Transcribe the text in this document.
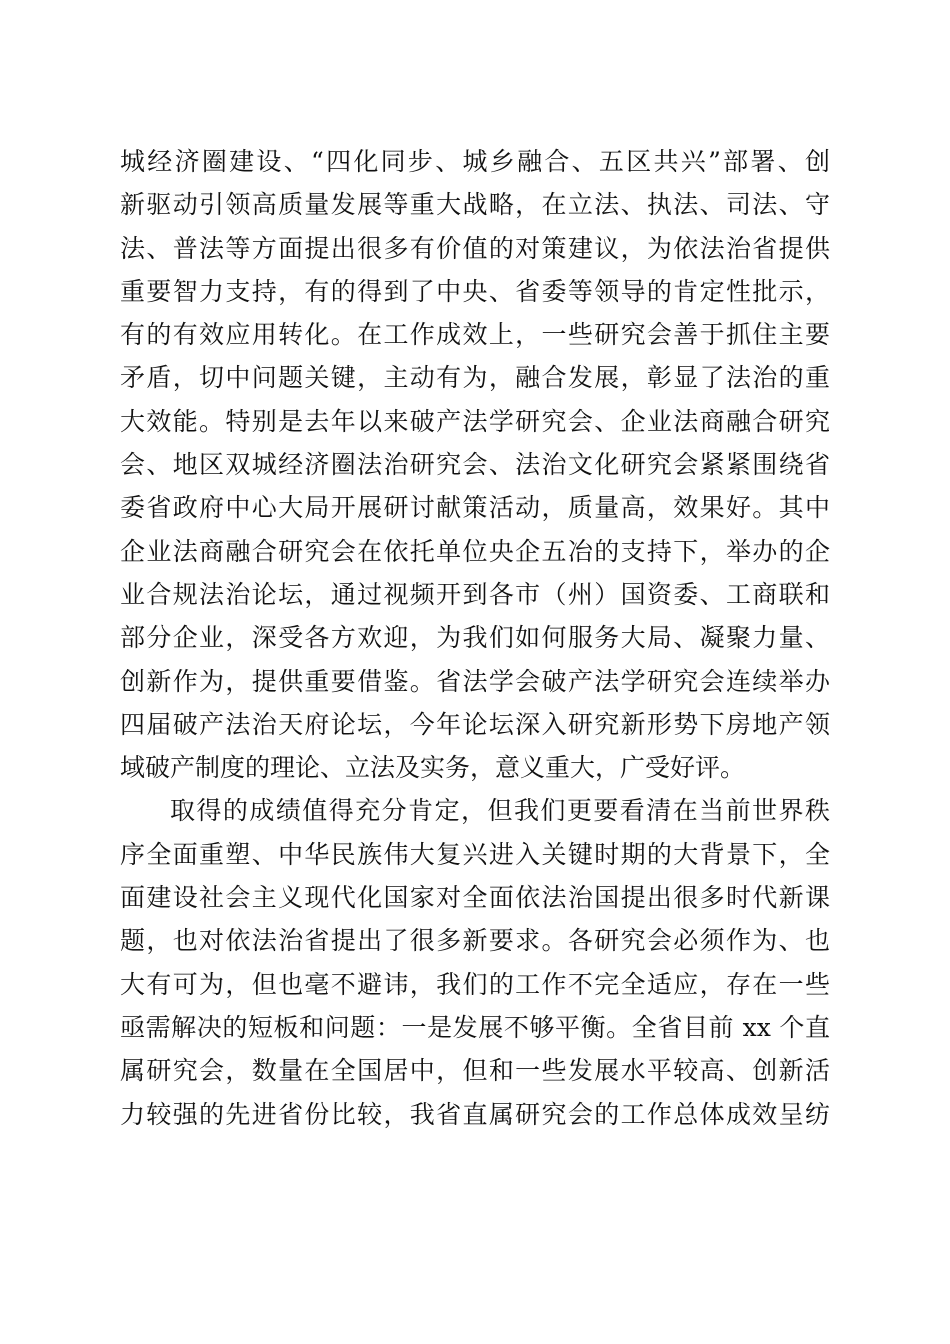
城经济圈建设、“四化同步、城乡融合、五区共兴”部署、创
新驱动引领高质量发展等重大战略，在立法、执法、司法、守
法、普法等方面提出很多有价值的对策建议，为依法治省提供
重要智力支持，有的得到了中央、省委等领导的肯定性批示，
有的有效应用转化。在工作成效上，一些研究会善于抓住主要
矛盾，切中问题关键，主动有为，融合发展，彰显了法治的重
大效能。特别是去年以来破产法学研究会、企业法商融合研究
会、地区双城经济圈法治研究会、法治文化研究会紧紧围绕省
委省政府中心大局开展研讨献策活动，质量高，效果好。其中
企业法商融合研究会在依托单位央企五冶的支持下，举办的企
业合规法治论坛，通过视频开到各市（州）国资委、工商联和
部分企业，深受各方欢迎，为我们如何服务大局、凝聚力量、
创新作为，提供重要借鉴。省法学会破产法学研究会连续举办
四届破产法治天府论坛，今年论坛深入研究新形势下房地产领
域破产制度的理论、立法及实务，意义重大，广受好评。
取得的成绩值得充分肯定，但我们更要看清在当前世界秩
序全面重塑、中华民族伟大复兴进入关键时期的大背景下，全
面建设社会主义现代化国家对全面依法治国提出很多时代新课
题，也对依法治省提出了很多新要求。各研究会必须作为、也
大有可为，但也毫不避讳，我们的工作不完全适应，存在一些
亟需解决的短板和问题：一是发展不够平衡。全省目前 xx 个直
属研究会，数量在全国居中，但和一些发展水平较高、创新活
力较强的先进省份比较，我省直属研究会的工作总体成效呈纺
